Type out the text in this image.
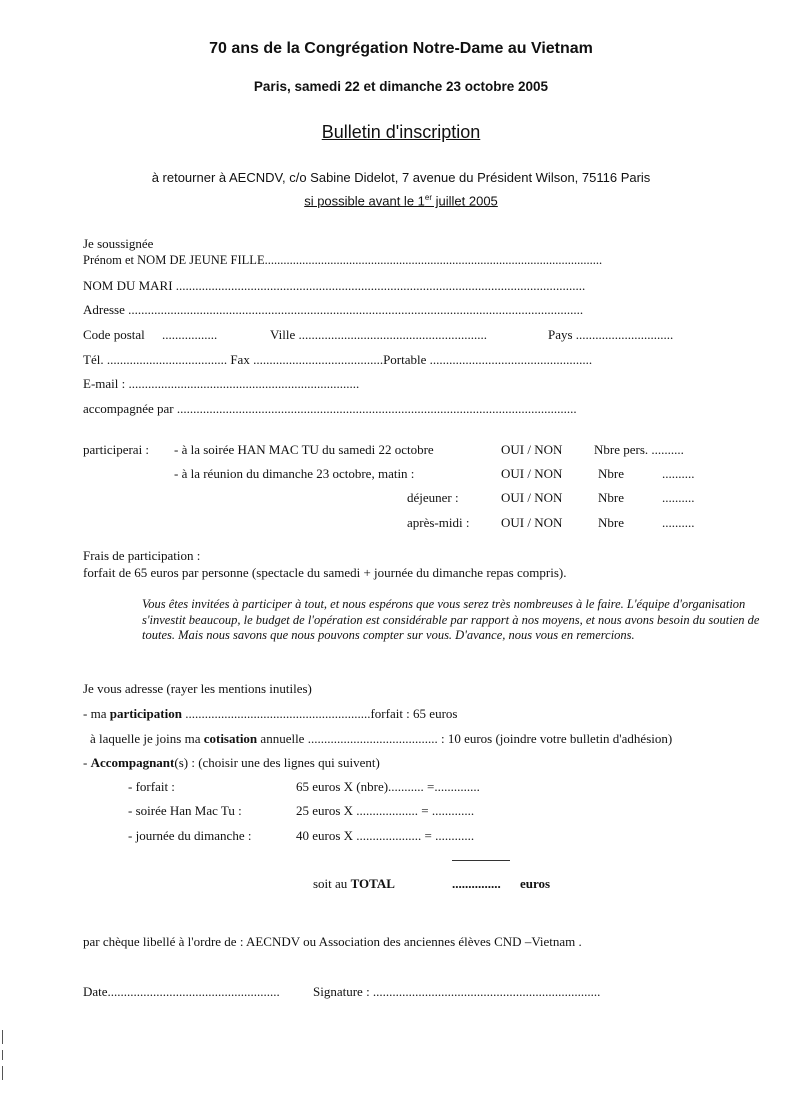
70 ans de la Congrégation Notre-Dame au Vietnam
Paris, samedi 22 et dimanche 23 octobre 2005
Bulletin d'inscription
à retourner à AECNDV, c/o Sabine Didelot, 7 avenue du Président Wilson, 75116 Paris
si possible avant le 1er juillet 2005
Je soussignée
Prénom et NOM DE JEUNE FILLE............................................................................................................
NOM DU MARI ..............................................................................................................................
Adresse ............................................................................................................................................
Code postal .................	Ville ..........................................................	Pays ..............................
Tél. ..................................... Fax ........................................Portable ..................................................
E-mail : .......................................................................
accompagnée par ...........................................................................................................................
participerai : - à la soirée HAN MAC TU du samedi 22 octobre	OUI / NON Nbre pers. ..........
- à la réunion du dimanche 23 octobre, matin :	OUI / NON	Nbre	..........
déjeuner :	OUI / NON	Nbre	..........
après-midi : OUI / NON	Nbre	..........
Frais de participation :
forfait de 65 euros par personne (spectacle du samedi + journée du dimanche repas compris).
Vous êtes invitées à participer à tout, et nous espérons que vous serez très nombreuses à le faire. L'équipe d'organisation s'investit beaucoup, le budget de l'opération est considérable par rapport à nos moyens, et nous avons besoin du soutien de toutes. Mais nous savons que nous pouvons compter sur vous. D'avance, nous vous en remercions.
Je vous adresse (rayer les mentions inutiles)
- ma participation .........................................................forfait : 65 euros
à laquelle je joins ma cotisation annuelle ........................................ : 10 euros (joindre votre bulletin d'adhésion)
- Accompagnant(s) : (choisir une des lignes qui suivent)
- forfait :	65 euros X (nbre)........... =..............
- soirée Han Mac Tu :	25 euros X ................... = .............
- journée du dimanche :	40 euros X .................... = ............
soit au TOTAL	............... euros
par chèque libellé à l'ordre de : AECNDV ou Association des anciennes élèves CND –Vietnam .
Date.....................................................	Signature : ......................................................................
